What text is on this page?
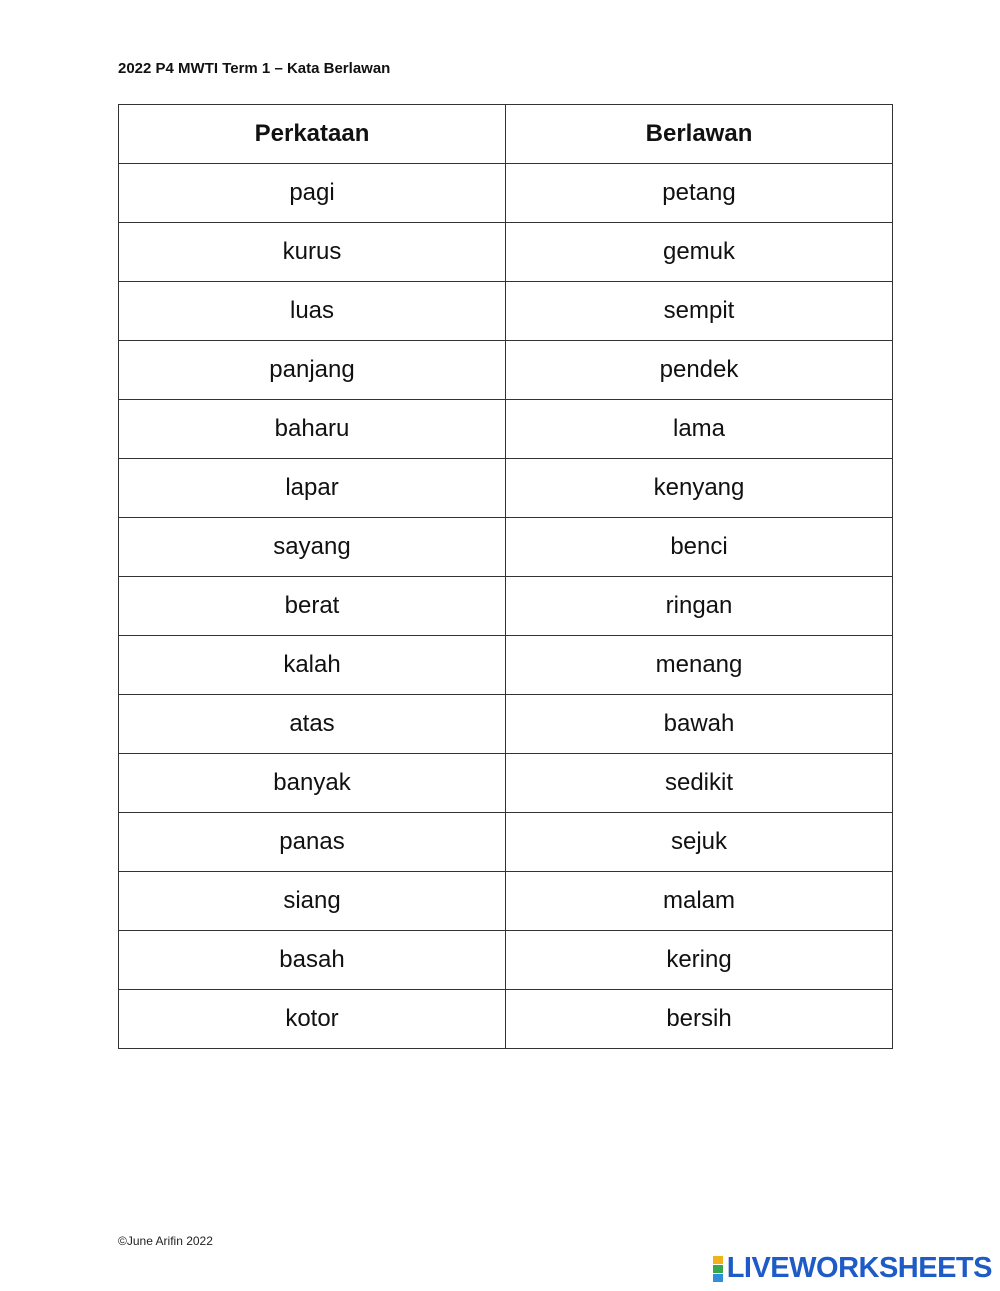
2022 P4 MWTI Term 1 – Kata Berlawan
Perkataan	Berlawan
pagi	petang
kurus	gemuk
luas	sempit
panjang	pendek
baharu	lama
lapar	kenyang
sayang	benci
berat	ringan
kalah	menang
atas	bawah
banyak	sedikit
panas	sejuk
siang	malam
basah	kering
kotor	bersih
©June Arifin 2022
LIVEWORKSHEETS
